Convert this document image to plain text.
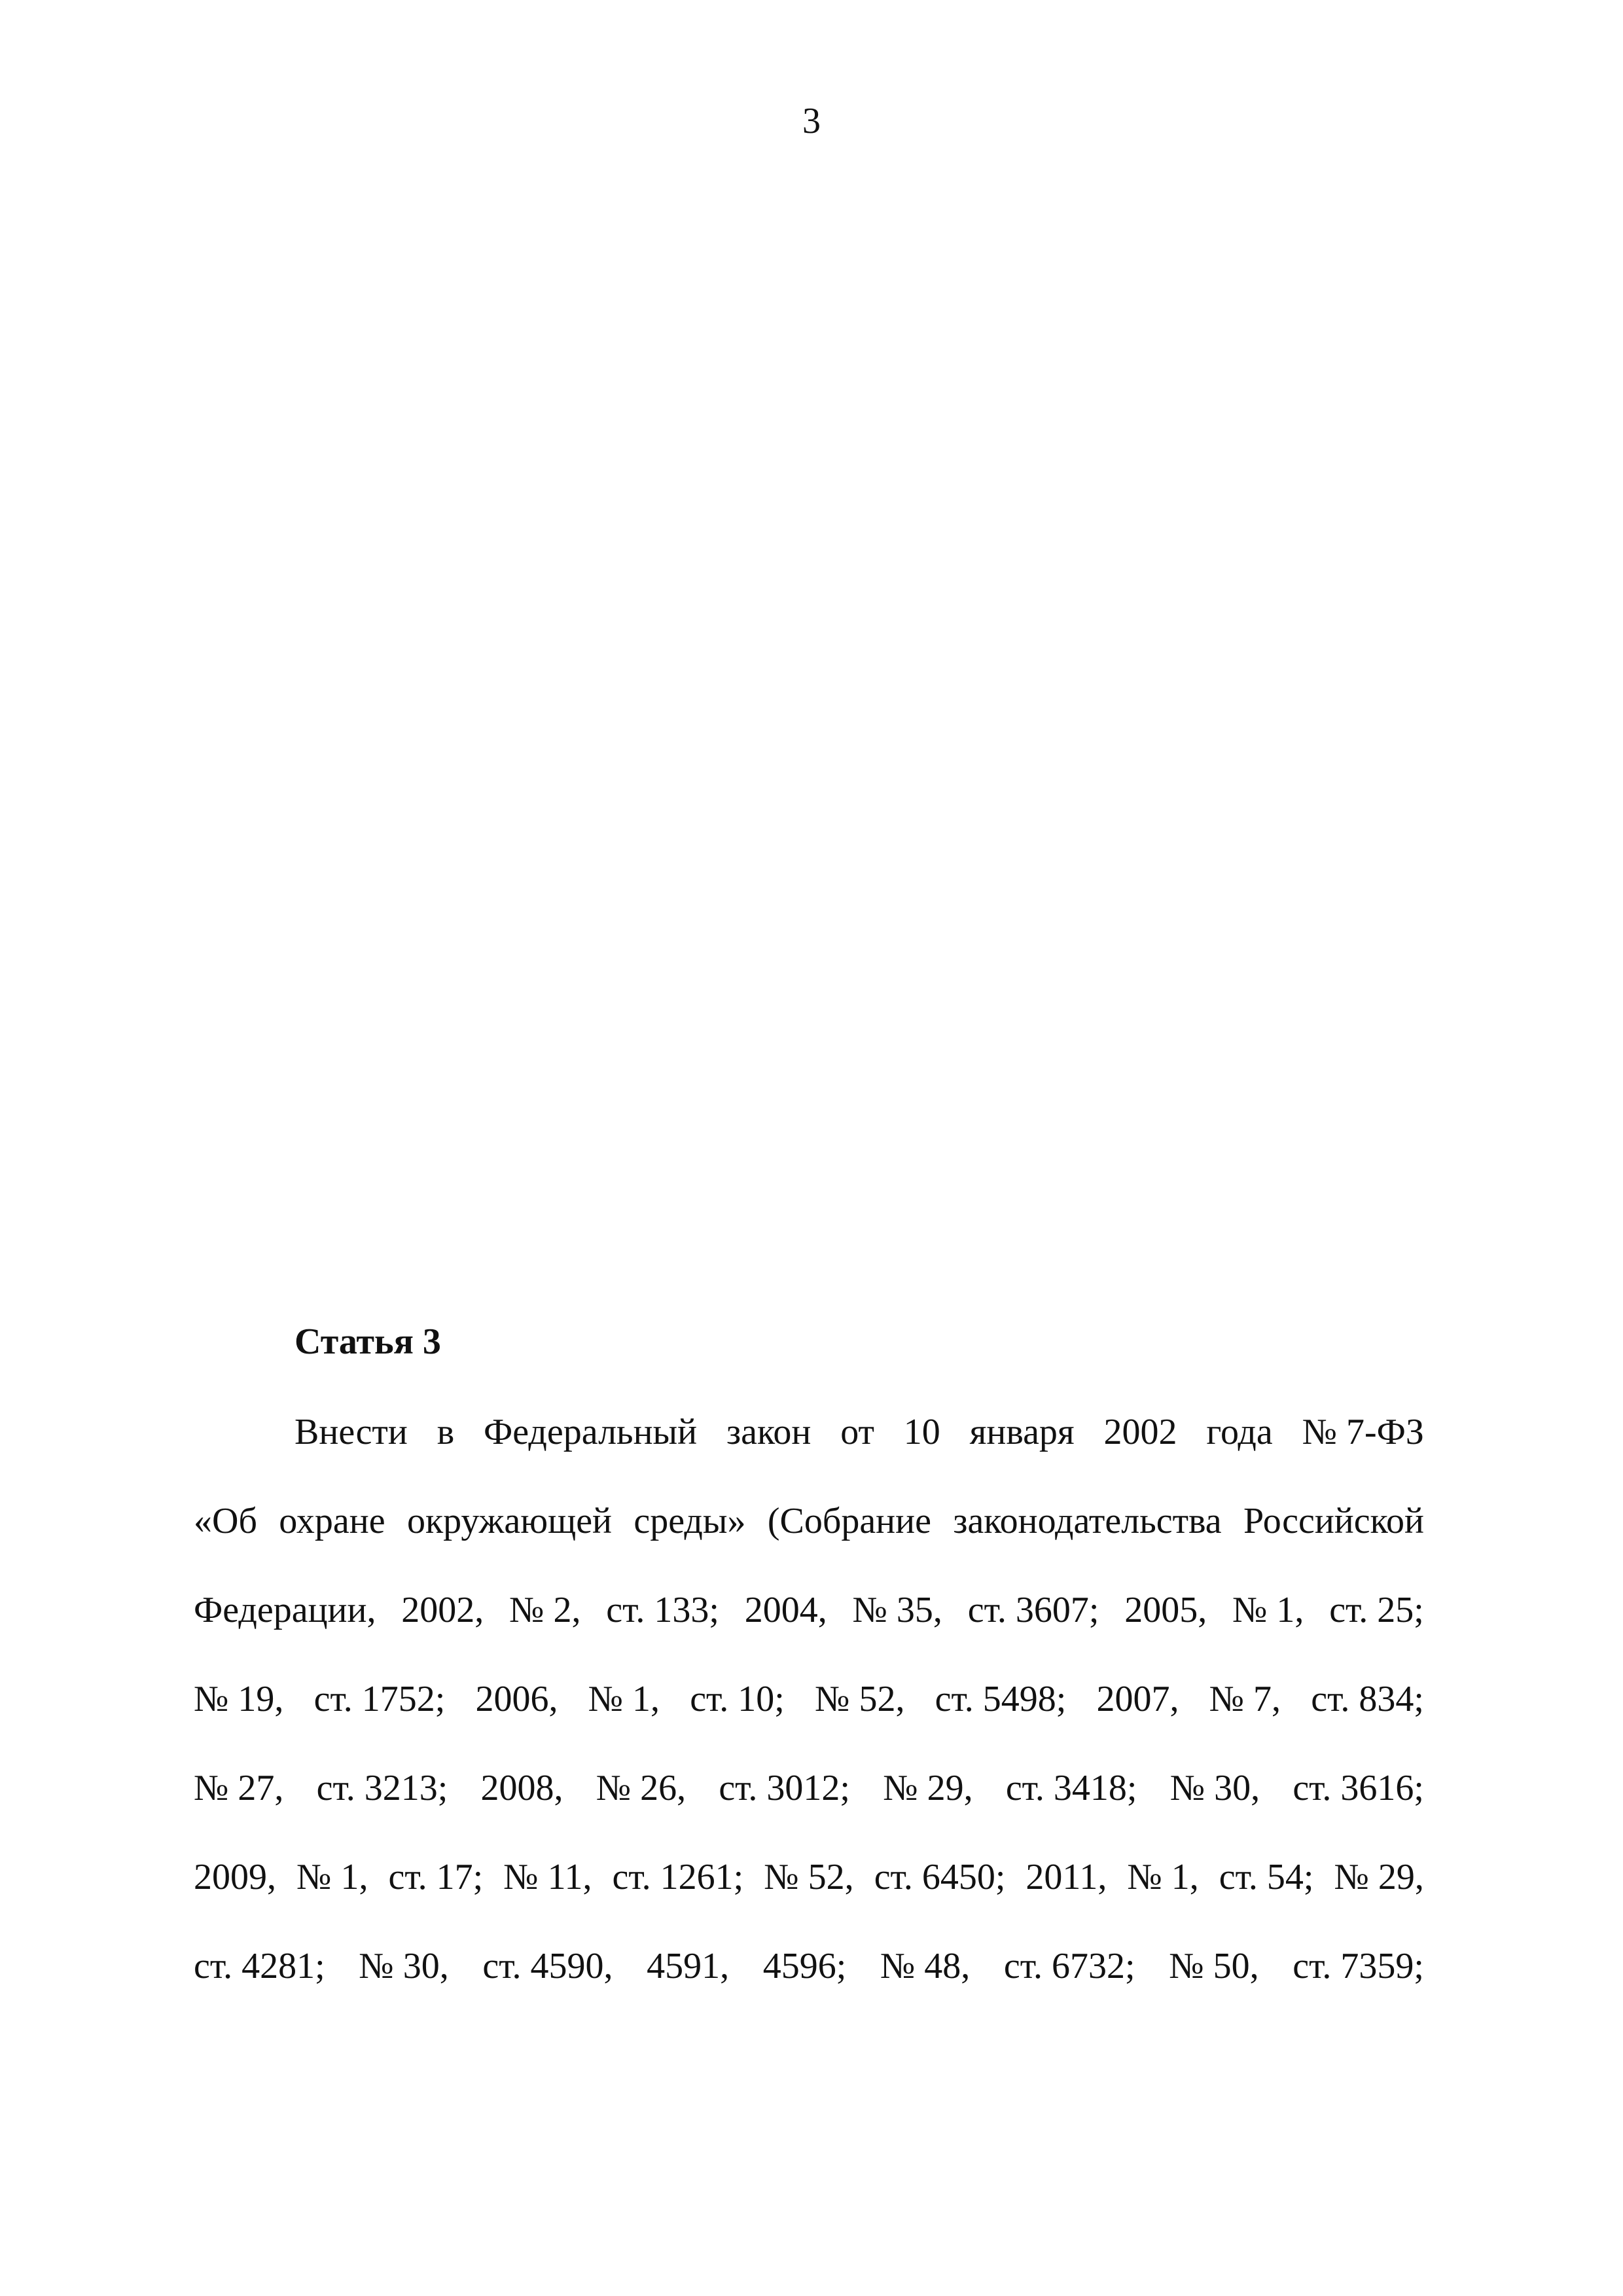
3
Статья 3
Внести в Федеральный закон от 10 января 2002 года № 7-ФЗ
«Об охране окружающей среды» (Собрание законодательства Российской
Федерации, 2002, № 2, ст. 133; 2004, № 35, ст. 3607; 2005, № 1, ст. 25;
№ 19, ст. 1752; 2006, № 1, ст. 10; № 52, ст. 5498; 2007, № 7, ст. 834;
№ 27, ст. 3213; 2008, № 26, ст. 3012; № 29, ст. 3418; № 30, ст. 3616;
2009, № 1, ст. 17; № 11, ст. 1261; № 52, ст. 6450; 2011, № 1, ст. 54; № 29,
ст. 4281; № 30, ст. 4590, 4591, 4596; № 48, ст. 6732; № 50, ст. 7359;
